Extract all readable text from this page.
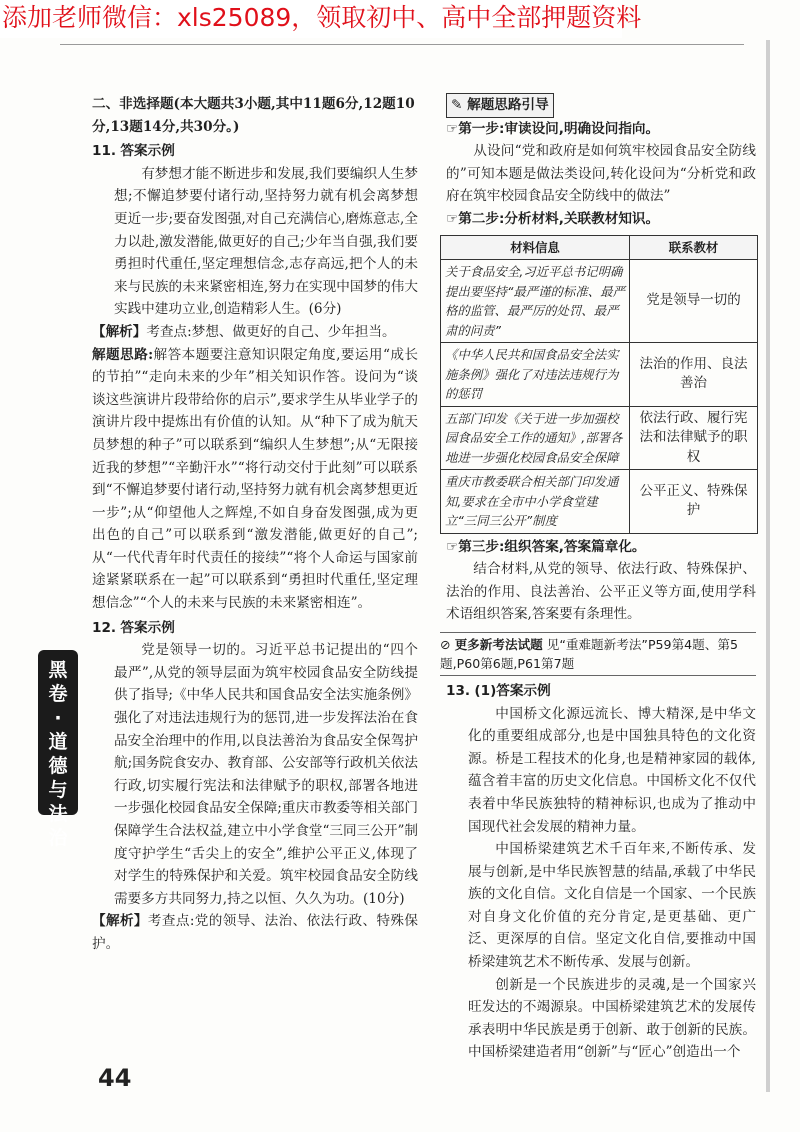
添加老师微信：xls25089，领取初中、高中全部押题资料

二、非选择题(本大题共3小题,其中11题6分,12题10分,13题14分,共30分。)

11. 答案示例

有梦想才能不断进步和发展,我们要编织人生梦想;不懈追梦要付诸行动,坚持努力就有机会离梦想更近一步;要奋发图强,对自己充满信心,磨炼意志,全力以赴,激发潜能,做更好的自己;少年当自强,我们要勇担时代重任,坚定理想信念,志存高远,把个人的未来与民族的未来紧密相连,努力在实现中国梦的伟大实践中建功立业,创造精彩人生。(6分)

【解析】考查点:梦想、做更好的自己、少年担当。

解题思路:解答本题要注意知识限定角度,要运用“成长的节拍”“走向未来的少年”相关知识作答。设问为“谈谈这些演讲片段带给你的启示”,要求学生从毕业学子的演讲片段中提炼出有价值的认知。从“种下了成为航天员梦想的种子”可以联系到“编织人生梦想”;从“无限接近我的梦想”“辛勤汗水”“将行动交付于此刻”可以联系到“不懈追梦要付诸行动,坚持努力就有机会离梦想更近一步”;从“仰望他人之辉煌,不如自身奋发图强,成为更出色的自己”可以联系到“激发潜能,做更好的自己”;从“一代代青年时代责任的接续”“将个人命运与国家前途紧紧联系在一起”可以联系到“勇担时代重任,坚定理想信念”“个人的未来与民族的未来紧密相连”。

12. 答案示例

党是领导一切的。习近平总书记提出的“四个最严”,从党的领导层面为筑牢校园食品安全防线提供了指导;《中华人民共和国食品安全法实施条例》强化了对违法违规行为的惩罚,进一步发挥法治在食品安全治理中的作用,以良法善治为食品安全保驾护航;国务院食安办、教育部、公安部等行政机关依法行政,切实履行宪法和法律赋予的职权,部署各地进一步强化校园食品安全保障;重庆市教委等相关部门保障学生合法权益,建立中小学食堂“三同三公开”制度守护学生“舌尖上的安全”,维护公平正义,体现了对学生的特殊保护和关爱。筑牢校园食品安全防线需要多方共同努力,持之以恒、久久为功。(10分)

【解析】考查点:党的领导、法治、依法行政、特殊保护。

✎ 解题思路引导

☞第一步:审读设问,明确设问指向。

从设问“党和政府是如何筑牢校园食品安全防线的”可知本题是做法类设问,转化设问为“分析党和政府在筑牢校园食品安全防线中的做法”

☞第二步:分析材料,关联教材知识。

材料信息	联系教材
关于食品安全,习近平总书记明确提出要坚持“最严谨的标准、最严格的监管、最严厉的处罚、最严肃的问责”	党是领导一切的
《中华人民共和国食品安全法实施条例》强化了对违法违规行为的惩罚	法治的作用、良法善治
五部门印发《关于进一步加强校园食品安全工作的通知》,部署各地进一步强化校园食品安全保障	依法行政、履行宪法和法律赋予的职权
重庆市教委联合相关部门印发通知,要求在全市中小学食堂建立“三同三公开”制度	公平正义、特殊保护

☞第三步:组织答案,答案篇章化。

结合材料,从党的领导、依法行政、特殊保护、法治的作用、良法善治、公平正义等方面,使用学科术语组织答案,答案要有条理性。

⊘ 更多新考法试题 见“重难题新考法”P59第4题、第5题,P60第6题,P61第7题

13. (1)答案示例

中国桥文化源远流长、博大精深,是中华文化的重要组成部分,也是中国独具特色的文化资源。桥是工程技术的化身,也是精神家园的载体,蕴含着丰富的历史文化信息。中国桥文化不仅代表着中华民族独特的精神标识,也成为了推动中国现代社会发展的精神力量。

中国桥梁建筑艺术千百年来,不断传承、发展与创新,是中华民族智慧的结晶,承载了中华民族的文化自信。文化自信是一个国家、一个民族对自身文化价值的充分肯定,是更基础、更广泛、更深厚的自信。坚定文化自信,要推动中国桥梁建筑艺术不断传承、发展与创新。

创新是一个民族进步的灵魂,是一个国家兴旺发达的不竭源泉。中国桥梁建筑艺术的发展传承表明中华民族是勇于创新、敢于创新的民族。中国桥梁建造者用“创新”与“匠心”创造出一个

黑
卷
·
道
德
与
法
治
44
